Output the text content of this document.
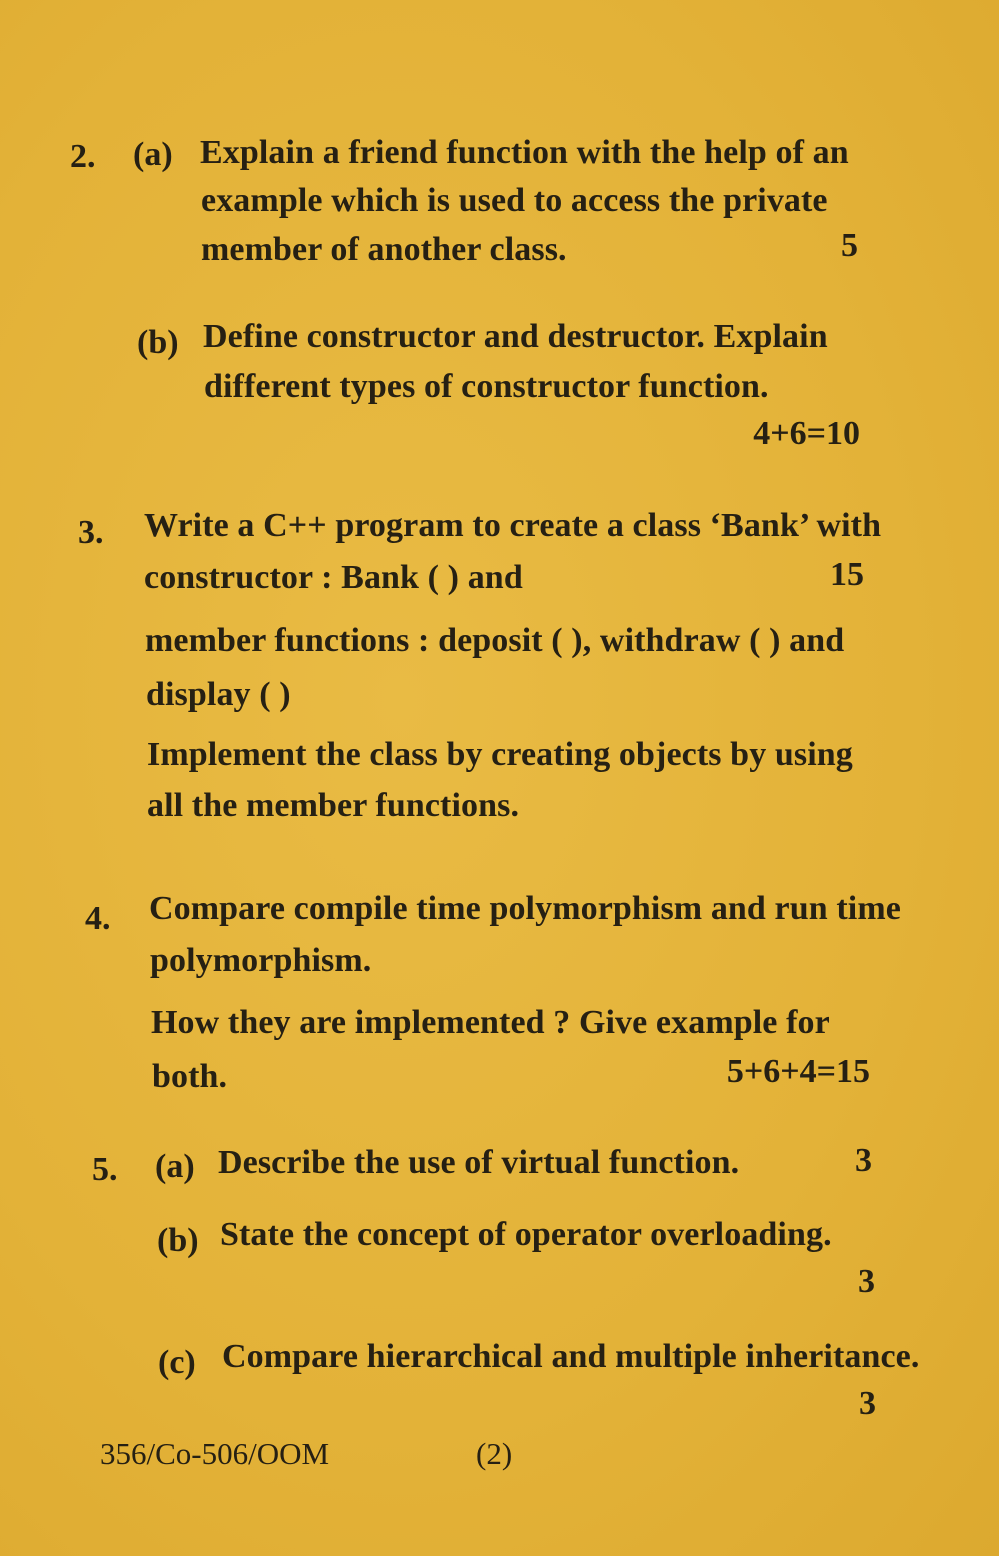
2. (a) Explain a friend function with the help of an
example which is used to access the private
member of another class.	5
(b) Define constructor and destructor. Explain
different types of constructor function.
4+6=10
3. Write a C++ program to create a class ‘Bank’ with
constructor : Bank ( ) and	15
member functions : deposit ( ), withdraw ( ) and
display ( )
Implement the class by creating objects by using
all the member functions.
4. Compare compile time polymorphism and run time
polymorphism.
How they are implemented ? Give example for
both.	5+6+4=15
5. (a) Describe the use of virtual function.	3
(b) State the concept of operator overloading.
3
(c) Compare hierarchical and multiple inheritance.
3
356/Co-506/OOM	(2)
